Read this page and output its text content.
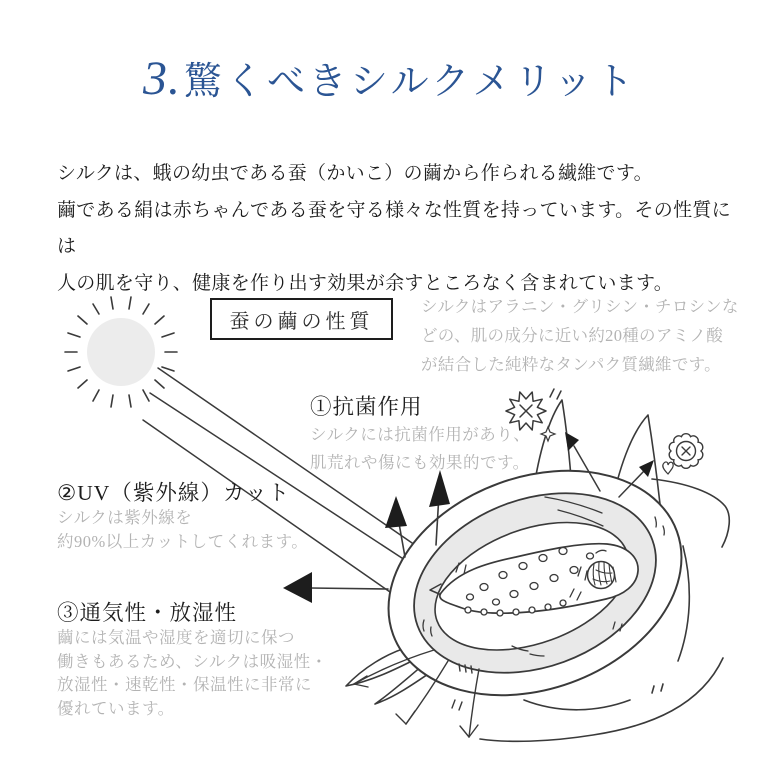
3. 驚くべきシルクメリット
シルクは、蛾の幼虫である蚕（かいこ）の繭から作られる繊維です。
繭である絹は赤ちゃんである蚕を守る様々な性質を持っています。その性質には
人の肌を守り、健康を作り出す効果が余すところなく含まれています。
蚕の繭の性質
シルクはアラニン・グリシン・チロシンな
どの、肌の成分に近い約20種のアミノ酸
が結合した純粋なタンパク質繊維です。
①抗菌作用
シルクには抗菌作用があり、
肌荒れや傷にも効果的です。
②UV（紫外線）カット
シルクは紫外線を
約90%以上カットしてくれます。
③通気性・放湿性
繭には気温や湿度を適切に保つ
働きもあるため、シルクは吸湿性・
放湿性・速乾性・保温性に非常に
優れています。
